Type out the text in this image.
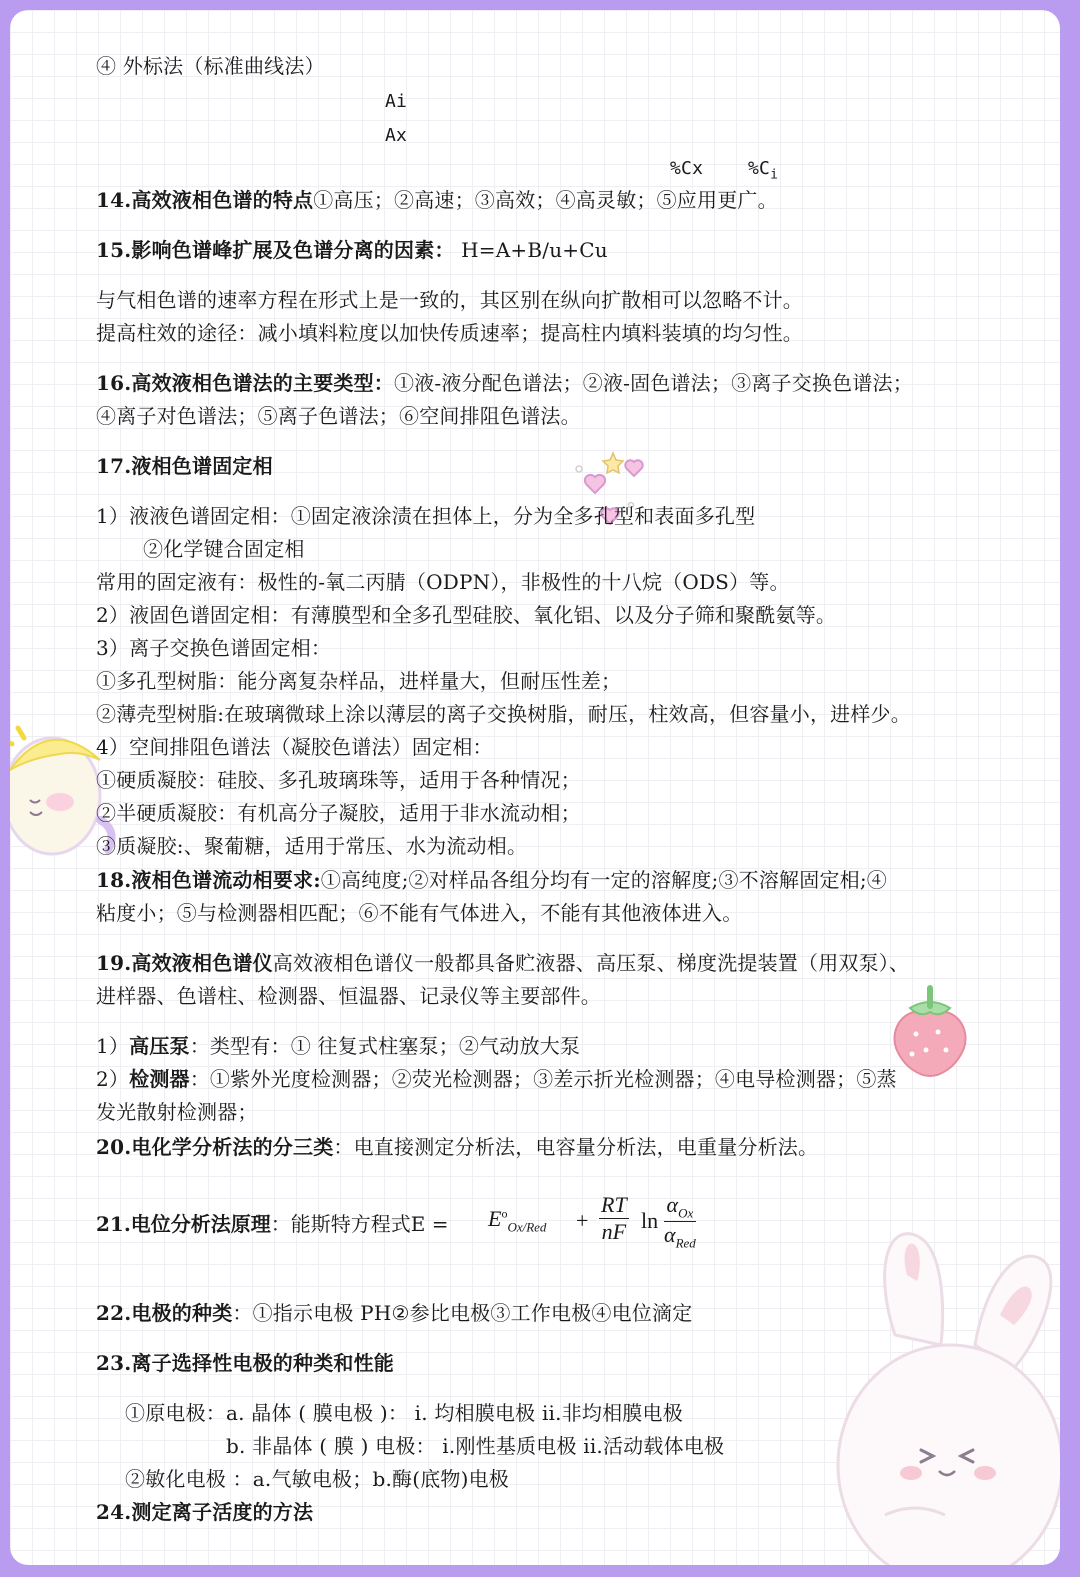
④ 外标法（标准曲线法）
Ai
Ax
%Cx $\%C_i$
14.高效液相色谱的特点①高压；②高速；③高效；④高灵敏；⑤应用更广。
15.影响色谱峰扩展及色谱分离的因素： H=A+B/u+Cu
与气相色谱的速率方程在形式上是一致的，其区别在纵向扩散相可以忽略不计。
提高柱效的途径：减小填料粒度以加快传质速率；提高柱内填料装填的均匀性。
16.高效液相色谱法的主要类型：①液-液分配色谱法；②液-固色谱法；③离子交换色谱法；
④离子对色谱法；⑤离子色谱法；⑥空间排阻色谱法。
17.液相色谱固定相
1）液液色谱固定相：①固定液涂渍在担体上，分为全多孔型和表面多孔型
②化学键合固定相
常用的固定液有：极性的-氧二丙腈（ODPN），非极性的十八烷（ODS）等。
2）液固色谱固定相：有薄膜型和全多孔型硅胶、氧化铝、以及分子筛和聚酰氨等。
3）离子交换色谱固定相：
①多孔型树脂：能分离复杂样品，进样量大，但耐压性差；
②薄壳型树脂:在玻璃微球上涂以薄层的离子交换树脂，耐压，柱效高，但容量小，进样少。
4）空间排阻色谱法（凝胶色谱法）固定相：
①硬质凝胶：硅胶、多孔玻璃珠等，适用于各种情况；
②半硬质凝胶：有机高分子凝胶，适用于非水流动相；
③质凝胶:、聚葡糖，适用于常压、水为流动相。
18.液相色谱流动相要求:①高纯度;②对样品各组分均有一定的溶解度;③不溶解固定相;④
粘度小；⑤与检测器相匹配；⑥不能有气体进入，不能有其他液体进入。
19.高效液相色谱仪高效液相色谱仪一般都具备贮液器、高压泵、梯度洗提装置（用双泵）、
进样器、色谱柱、检测器、恒温器、记录仪等主要部件。
1）高压泵：类型有：① 往复式柱塞泵；②气动放大泵
2）检测器：①紫外光度检测器；②荧光检测器；③差示折光检测器；④电导检测器；⑤蒸
发光散射检测器；
20.电化学分析法的分三类：电直接测定分析法，电容量分析法，电重量分析法。
21.电位分析法原理：能斯特方程式$E = E^o_{Ox/Red} + \frac{RT}{nF}$ ln
$\alpha_{Ox}$
$\alpha_{Red}$
22.电极的种类：①指示电极 PH②参比电极③工作电极④电位滴定
23.离子选择性电极的种类和性能
①原电极：a. 晶体 ( 膜电极 )： i. 均相膜电极 ii.非均相膜电极
b. 非晶体 ( 膜 ) 电极： i.刚性基质电极 ii.活动载体电极
②敏化电极 ：a.气敏电极；b.酶(底物)电极
24.测定离子活度的方法
